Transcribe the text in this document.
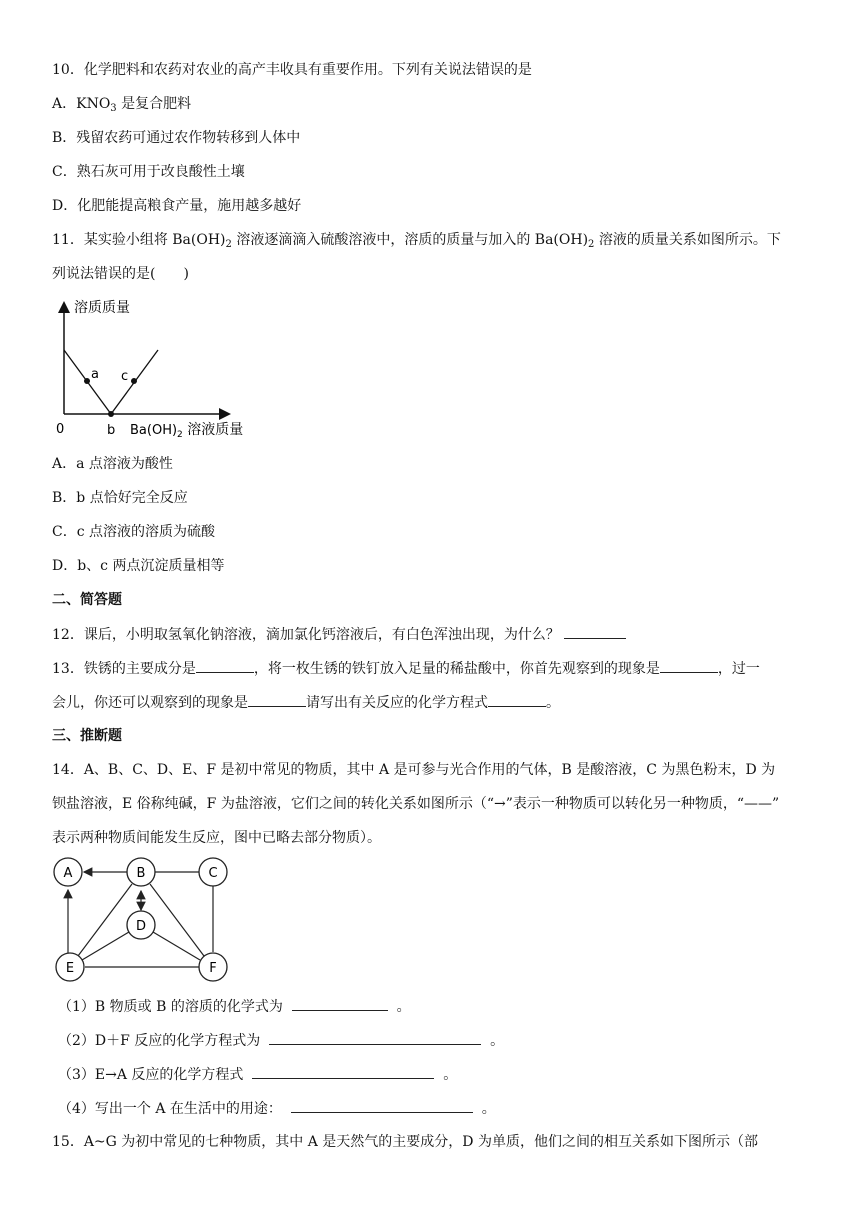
10．化学肥料和农药对农业的高产丰收具有重要作用。下列有关说法错误的是
A．$KNO_3$ 是复合肥料
B．残留农药可通过农作物转移到人体中
C．熟石灰可用于改良酸性土壤
D．化肥能提高粮食产量，施用越多越好
11．某实验小组将 $Ba(OH)_2$ 溶液逐滴滴入硫酸溶液中，溶质的质量与加入的 $Ba(OH)_2$ 溶液的质量关系如图所示。下
列说法错误的是(　　)
溶质质量
a c
0	b $Ba(OH)_2$ 溶液质量
A．a 点溶液为酸性
B．b 点恰好完全反应
C．c 点溶液的溶质为硫酸
D．b、c 两点沉淀质量相等
二、简答题
12．课后，小明取氢氧化钠溶液，滴加氯化钙溶液后，有白色浑浊出现，为什么？
13．铁锈的主要成分是	，将一枚生锈的铁钉放入足量的稀盐酸中，你首先观察到的现象是	，过一
会儿，你还可以观察到的现象是	请写出有关反应的化学方程式	。
三、推断题
14．A、B、C、D、E、F 是初中常见的物质，其中 A 是可参与光合作用的气体，B 是酸溶液，C 为黑色粉末，D 为
钡盐溶液，E 俗称纯碱，F 为盐溶液，它们之间的转化关系如图所示（“→”表示一种物质可以转化另一种物质，“——”
表示两种物质间能发生反应，图中已略去部分物质）。
A	B	C
D
E	F
（1）B 物质或 B 的溶质的化学式为	。
（2）D＋F 反应的化学方程式为	。
（3）E→A 反应的化学方程式	。
（4）写出一个 A 在生活中的用途：	。
15．A~G 为初中常见的七种物质，其中 A 是天然气的主要成分，D 为单质，他们之间的相互关系如下图所示（部
